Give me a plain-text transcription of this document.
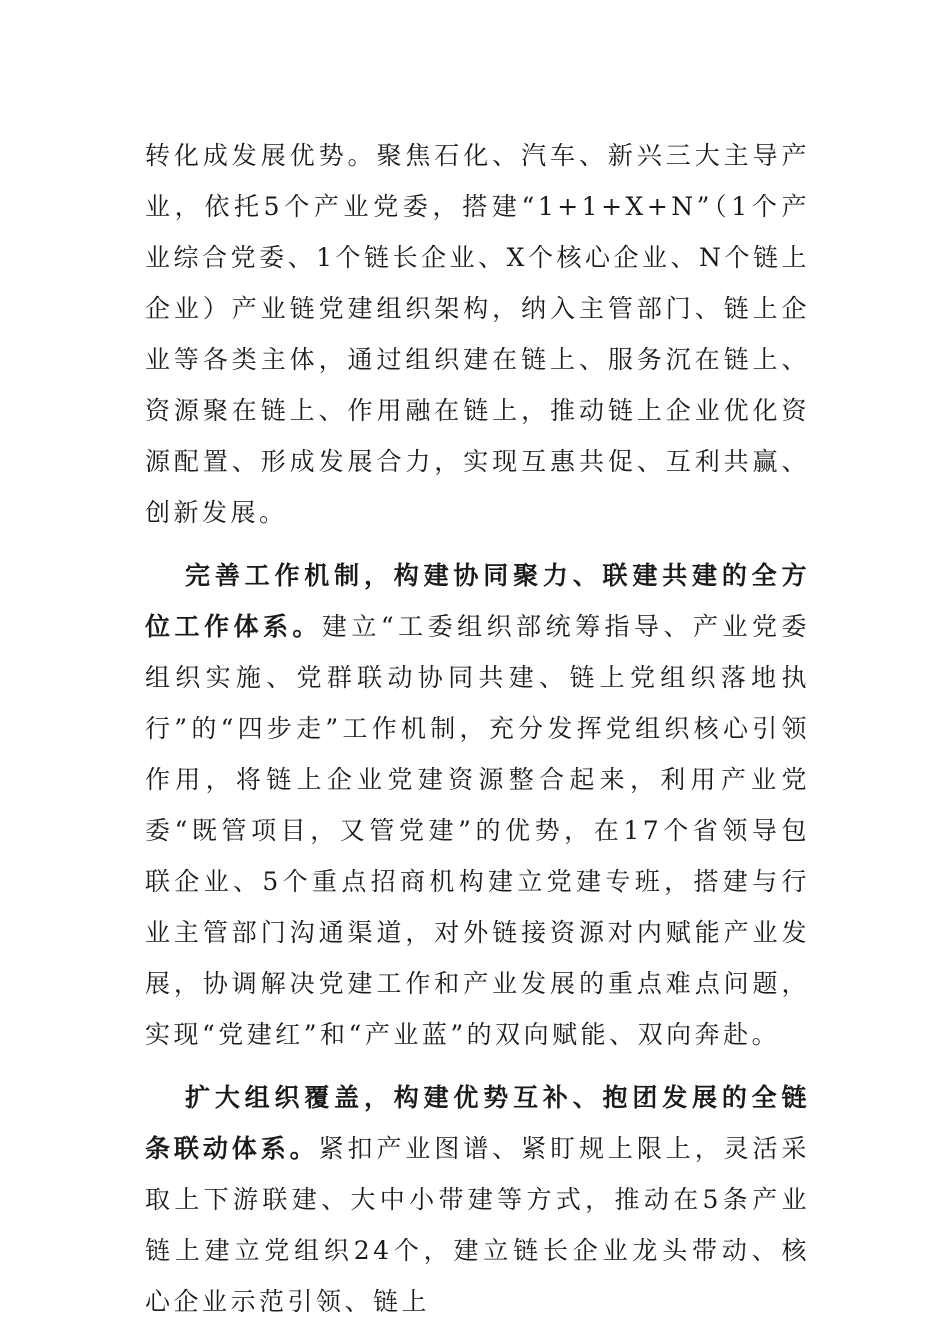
转化成发展优势。聚焦石化、汽车、新兴三大主导产业，依托5个产业党委，搭建“1+1+X+N”（1个产业综合党委、1个链长企业、X个核心企业、N个链上企业）产业链党建组织架构，纳入主管部门、链上企业等各类主体，通过组织建在链上、服务沉在链上、资源聚在链上、作用融在链上，推动链上企业优化资源配置、形成发展合力，实现互惠共促、互利共赢、创新发展。

完善工作机制，构建协同聚力、联建共建的全方位工作体系。建立“工委组织部统筹指导、产业党委组织实施、党群联动协同共建、链上党组织落地执行”的“四步走”工作机制，充分发挥党组织核心引领作用，将链上企业党建资源整合起来，利用产业党委“既管项目，又管党建”的优势，在17个省领导包联企业、5个重点招商机构建立党建专班，搭建与行业主管部门沟通渠道，对外链接资源对内赋能产业发展，协调解决党建工作和产业发展的重点难点问题，实现“党建红”和“产业蓝”的双向赋能、双向奔赴。

扩大组织覆盖，构建优势互补、抱团发展的全链条联动体系。紧扣产业图谱、紧盯规上限上，灵活采取上下游联建、大中小带建等方式，推动在5条产业链上建立党组织24个，建立链长企业龙头带动、核心企业示范引领、链上
